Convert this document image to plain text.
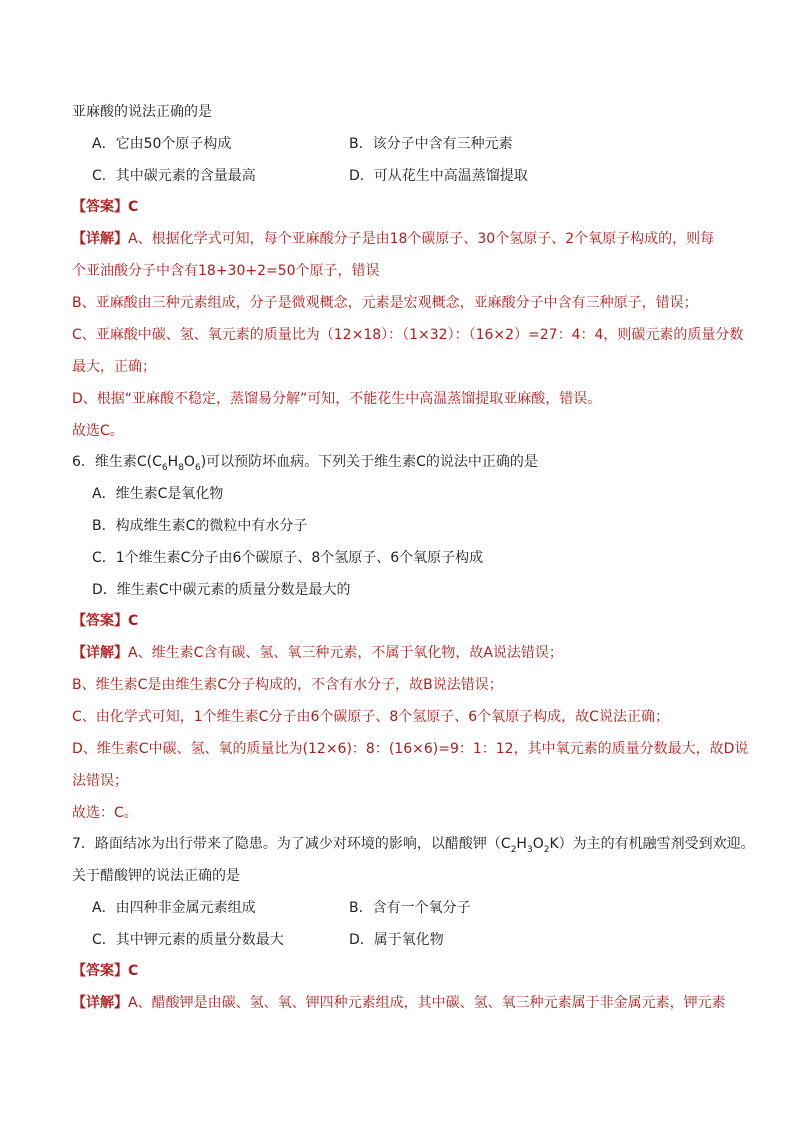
亚麻酸的说法正确的是
A．它由50个原子构成	B．该分子中含有三种元素
C．其中碳元素的含量最高	D．可从花生中高温蒸馏提取
【答案】C
【详解】A、根据化学式可知，每个亚麻酸分子是由18个碳原子、30个氢原子、2个氧原子构成的，则每
个亚油酸分子中含有18+30+2=50个原子，错误
B、亚麻酸由三种元素组成，分子是微观概念，元素是宏观概念，亚麻酸分子中含有三种原子，错误；
C、亚麻酸中碳、氢、氧元素的质量比为（12×18）：（1×32）：（16×2）=27：4：4，则碳元素的质量分数
最大，正确；
D、根据“亚麻酸不稳定，蒸馏易分解”可知，不能花生中高温蒸馏提取亚麻酸，错误。
故选C。
6．维生素$C(C_6H_8O_6)$可以预防坏血病。下列关于维生素C的说法中正确的是
A．维生素C是氧化物
B．构成维生素C的微粒中有水分子
C．1个维生素C分子由6个碳原子、8个氢原子、6个氧原子构成
D．维生素C中碳元素的质量分数是最大的
【答案】C
【详解】A、维生素C含有碳、氢、氧三种元素，不属于氧化物，故A说法错误；
B、维生素C是由维生素C分子构成的，不含有水分子，故B说法错误；
C、由化学式可知，1个维生素C分子由6个碳原子、8个氢原子、6个氧原子构成，故C说法正确；
D、维生素C中碳、氢、氧的质量比为(12×6)：8：(16×6)=9：1：12，其中氧元素的质量分数最大，故D说
法错误；
故选：C。
7．路面结冰为出行带来了隐患。为了减少对环境的影响，以醋酸钾$(C_2H_3O_2K)$为主的有机融雪剂受到欢迎。
关于醋酸钾的说法正确的是
A．由四种非金属元素组成	B．含有一个氧分子
C．其中钾元素的质量分数最大	D．属于氧化物
【答案】C
【详解】A、醋酸钾是由碳、氢、氧、钾四种元素组成，其中碳、氢、氧三种元素属于非金属元素，钾元素
